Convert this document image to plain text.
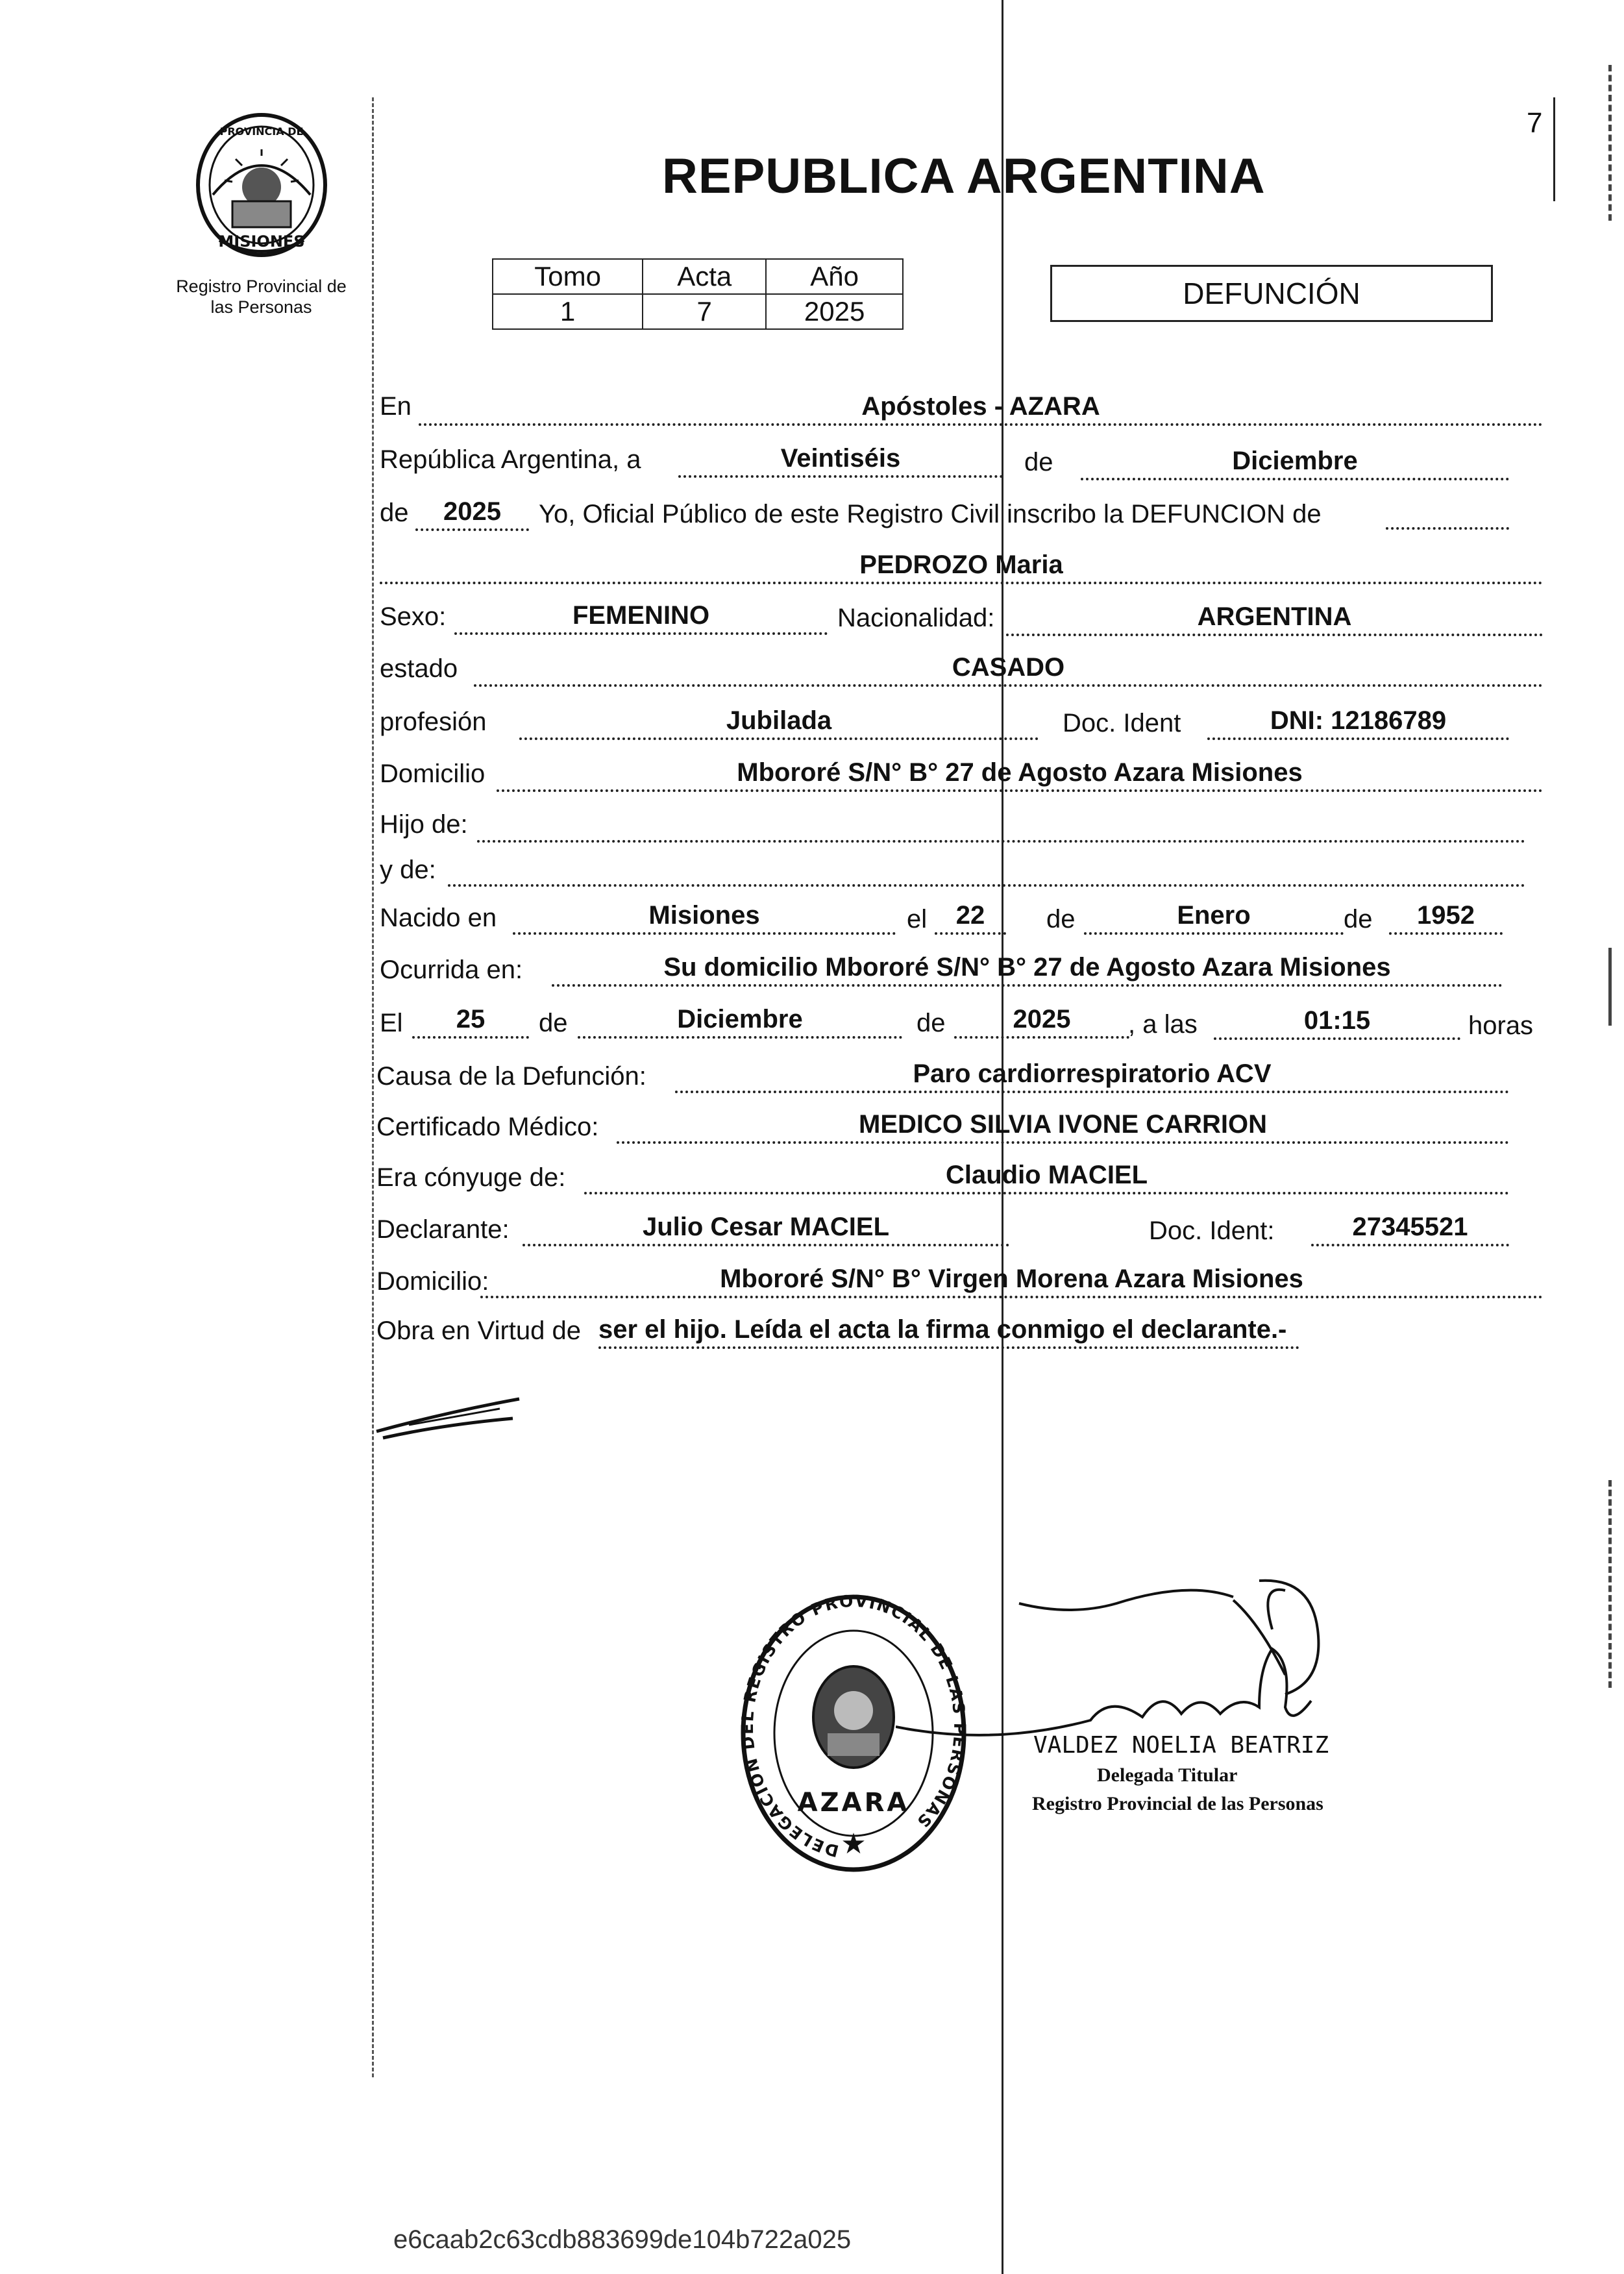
7
PROVINCIA DE
MISIONES
Registro Provincial de
las Personas
REPUBLICA ARGENTINA
Tomo	Acta	Año
1	7	2025
DEFUNCIÓN
En	Apóstoles - AZARA
República Argentina, a	Veintiséis	de	Diciembre
de	2025	Yo, Oficial Público de este Registro Civil inscribo la DEFUNCION de
PEDROZO Maria
Sexo:	FEMENINO	Nacionalidad:	ARGENTINA
estado	CASADO
profesión	Jubilada	Doc. Ident	DNI: 12186789
Domicilio	Mbororé S/N° B° 27 de Agosto Azara Misiones
Hijo de:
y de:
Nacido en	Misiones	el	22	de	Enero	de	1952
Ocurrida en:	Su domicilio Mbororé S/N° B° 27 de Agosto Azara Misiones
El	25	de	Diciembre	de	2025	, a las	01:15	horas
Causa de la Defunción:	Paro cardiorrespiratorio ACV
Certificado Médico:	MEDICO SILVIA IVONE CARRION
Era cónyuge de:	Claudio MACIEL
Declarante:	Julio Cesar MACIEL	Doc. Ident:	27345521
Domicilio:	Mbororé S/N° B° Virgen Morena Azara Misiones
Obra en Virtud de ser el hijo. Leída el acta la firma conmigo el declarante.-
DELEGACION DEL REGISTRO PROVINCIAL DE LAS PERSONAS
AZARA
★
VALDEZ NOELIA BEATRIZ
Delegada Titular
Registro Provincial de las Personas
e6caab2c63cdb883699de104b722a025
